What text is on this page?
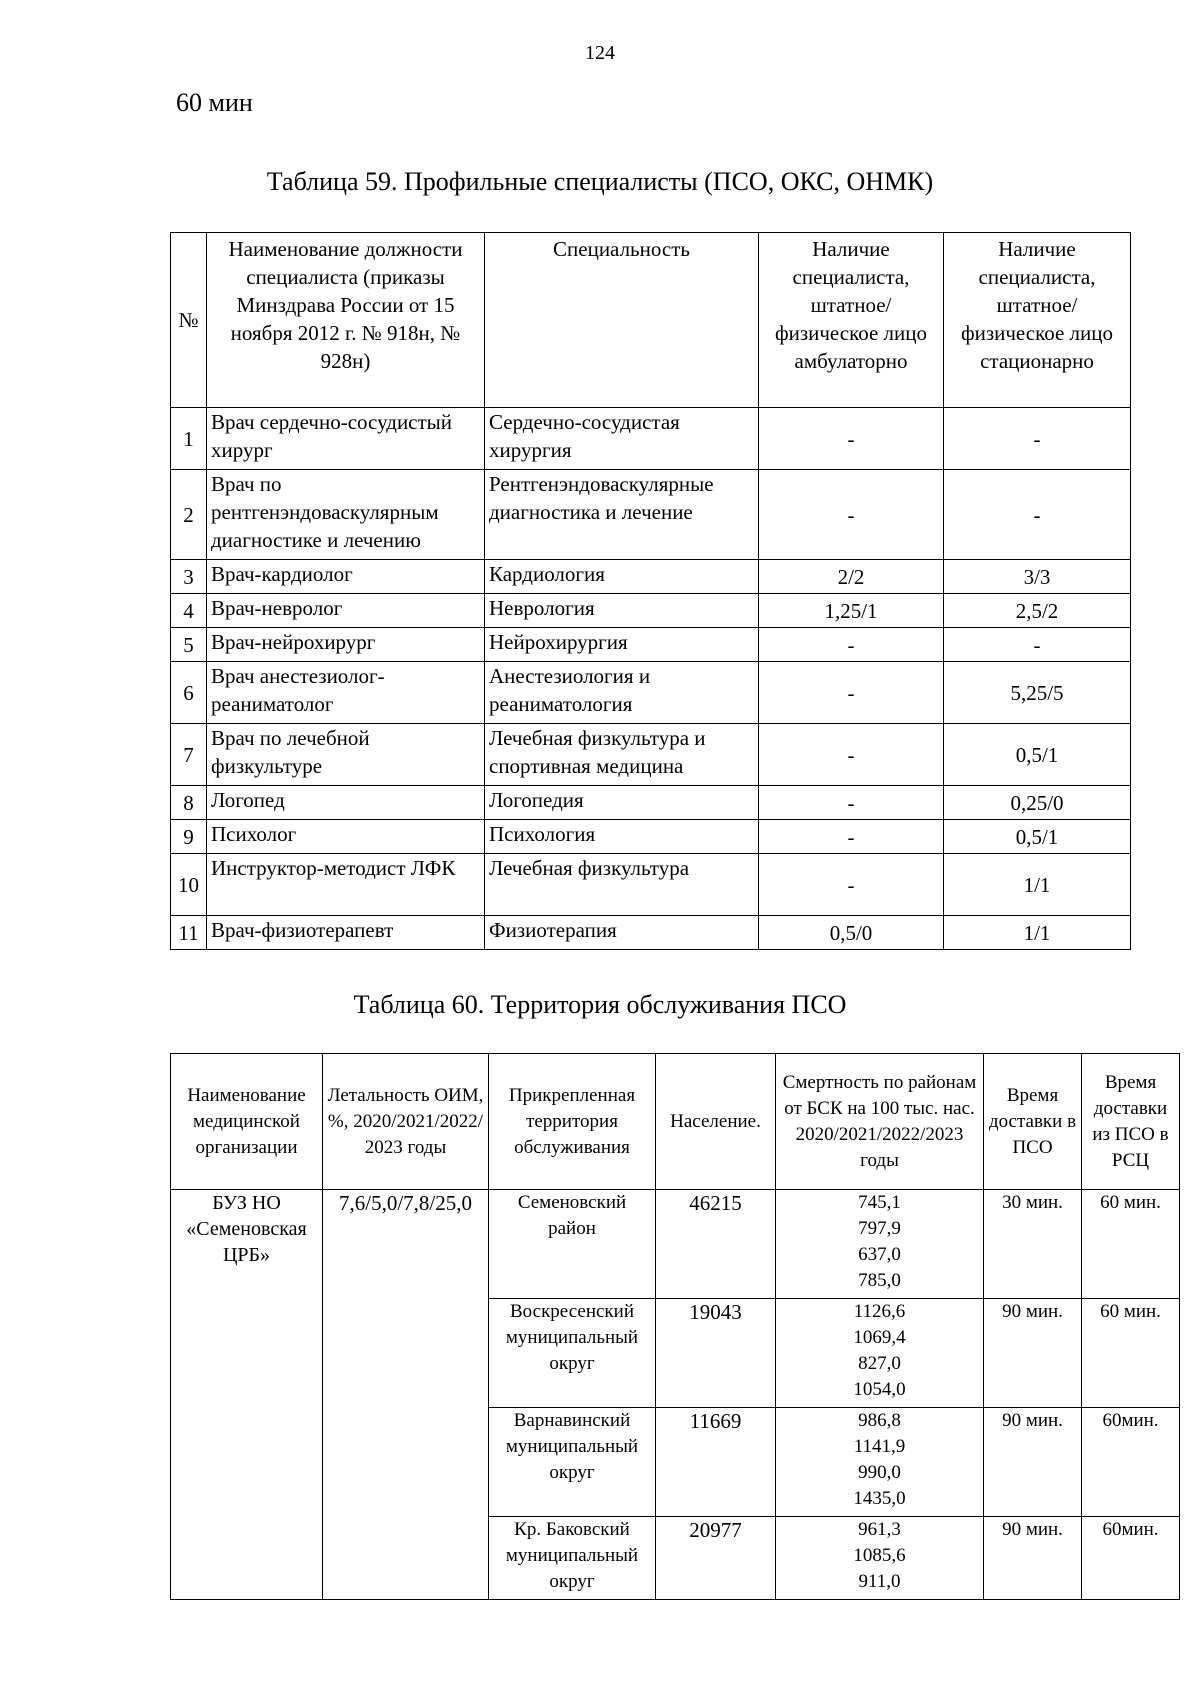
124
60 мин
Таблица 59. Профильные специалисты (ПСО, ОКС, ОНМК)
№	Наименование должности специалиста (приказы Минздрава России от 15 ноября 2012 г. № 918н, № 928н)	Специальность	Наличие специалиста, штатное/физическое лицо амбулаторно	Наличие специалиста, штатное/физическое лицо стационарно
1	Врач сердечно-сосудистый хирург	Сердечно-сосудистая хирургия	-	-
2	Врач по рентгенэндоваскулярным диагностике и лечению	Рентгенэндоваскулярные диагностика и лечение	-	-
3	Врач-кардиолог	Кардиология	2/2	3/3
4	Врач-невролог	Неврология	1,25/1	2,5/2
5	Врач-нейрохирург	Нейрохирургия	-	-
6	Врач анестезиолог-реаниматолог	Анестезиология и реаниматология	-	5,25/5
7	Врач по лечебной физкультуре	Лечебная физкультура и спортивная медицина	-	0,5/1
8	Логопед	Логопедия	-	0,25/0
9	Психолог	Психология	-	0,5/1
10	Инструктор-методист ЛФК	Лечебная физкультура	-	1/1
11	Врач-физиотерапевт	Физиотерапия	0,5/0	1/1
Таблица 60. Территория обслуживания ПСО
Наименование медицинской организации	Летальность ОИМ, %, 2020/2021/2022/ 2023 годы	Прикрепленная территория обслуживания	Население.	Смертность по районам от БСК на 100 тыс. нас. 2020/2021/2022/2023 годы	Время доставки в ПСО	Время доставки из ПСО в РСЦ
БУЗ НО «Семеновская ЦРБ»	7,6/5,0/7,8/25,0	Семеновский район	46215	745,1
797,9
637,0
785,0	30 мин.	60 мин.
		Воскресенский муниципальный округ	19043	1126,6
1069,4
827,0
1054,0	90 мин.	60 мин.
		Варнавинский муниципальный округ	11669	986,8
1141,9
990,0
1435,0	90 мин.	60мин.
		Кр. Баковский муниципальный округ	20977	961,3
1085,6
911,0	90 мин.	60мин.
